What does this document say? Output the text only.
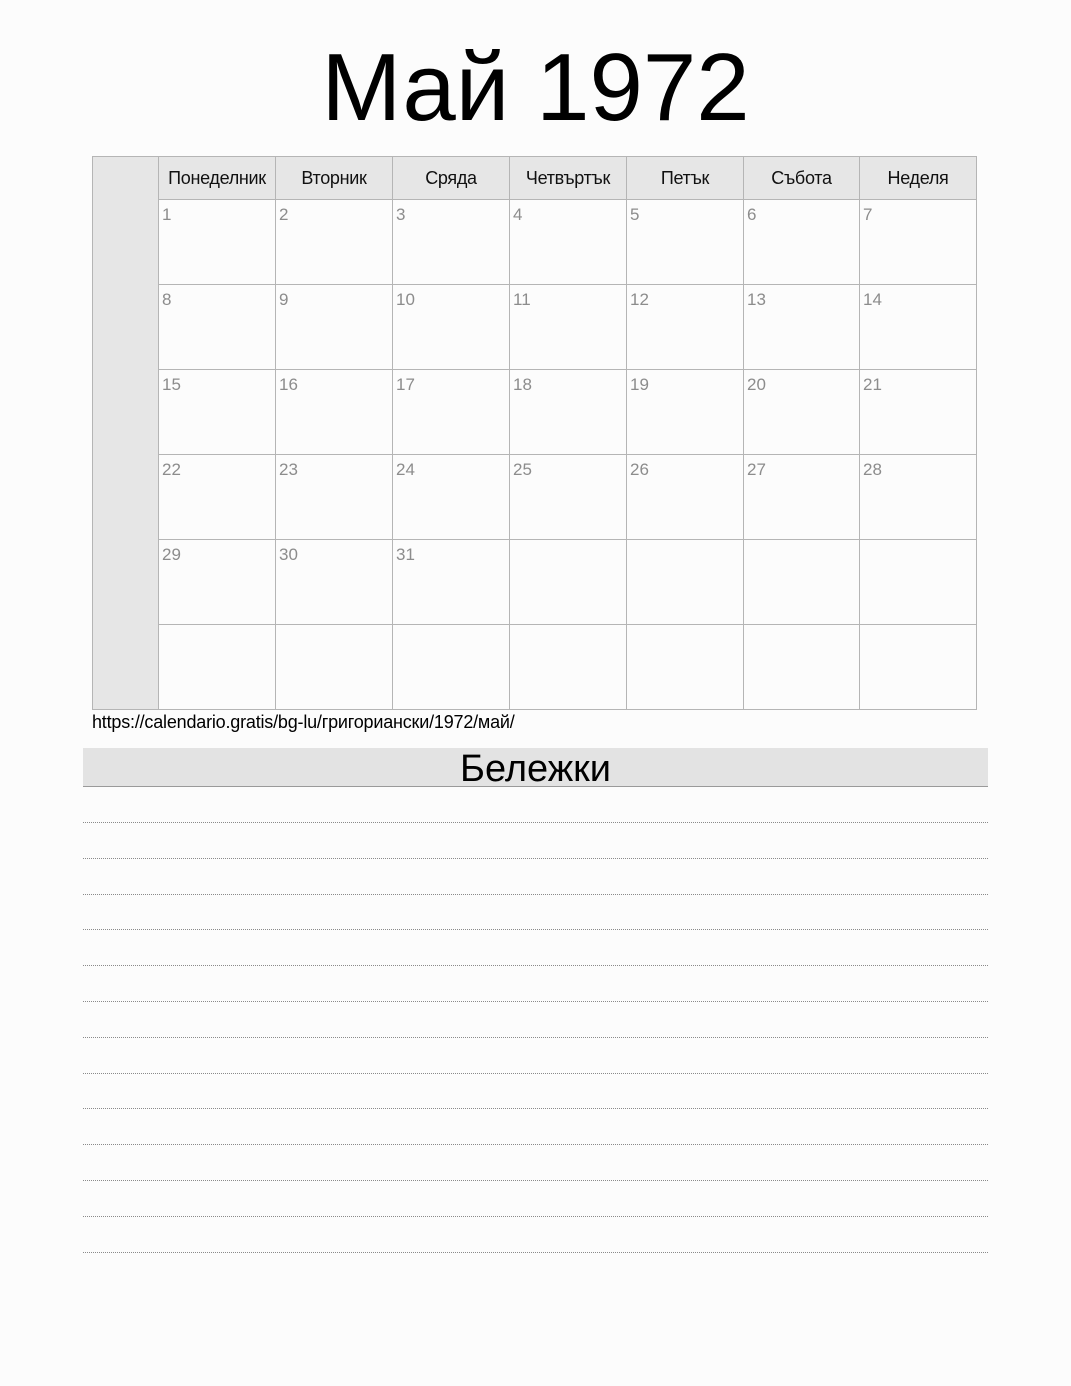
Май 1972
Понеделник	Вторник	Сряда	Четвъртък	Петък	Събота	Неделя
1	2	3	4	5	6	7
8	9	10	11	12	13	14
15	16	17	18	19	20	21
22	23	24	25	26	27	28
29	30	31
https://calendario.gratis/bg-lu/григориански/1972/май/
Бележки
